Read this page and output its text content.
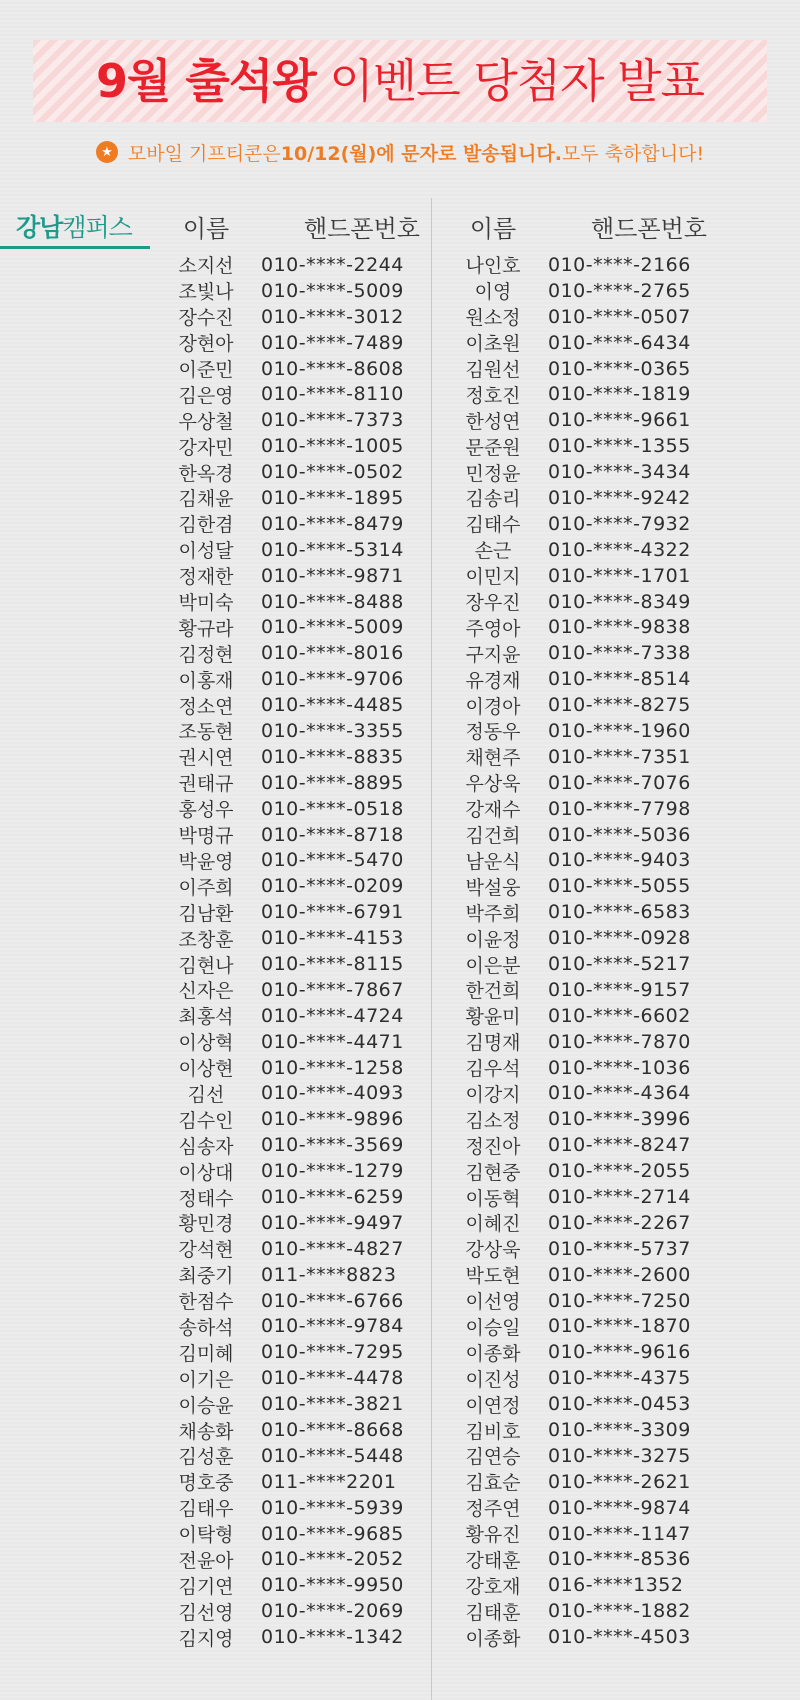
9월 출석왕 이벤트 당첨자 발표
★ 모바일 기프티콘은 10/12(월)에 문자로 발송됩니다. 모두 축하합니다!
강남캠퍼스	이름	핸드폰번호
소지선 010-****-2244
조빛나 010-****-5009
장수진 010-****-3012
장현아 010-****-7489
이준민 010-****-8608
김은영 010-****-8110
우상철 010-****-7373
강자민 010-****-1005
한옥경 010-****-0502
김채윤 010-****-1895
김한겸 010-****-8479
이성달 010-****-5314
정재한 010-****-9871
박미숙 010-****-8488
황규라 010-****-5009
김정현 010-****-8016
이홍재 010-****-9706
정소연 010-****-4485
조동현 010-****-3355
권시연 010-****-8835
권태규 010-****-8895
홍성우 010-****-0518
박명규 010-****-8718
박윤영 010-****-5470
이주희 010-****-0209
김남환 010-****-6791
조창훈 010-****-4153
김현나 010-****-8115
신자은 010-****-7867
최홍석 010-****-4724
이상혁 010-****-4471
이상현 010-****-1258
김선	010-****-4093
김수인 010-****-9896
심송자 010-****-3569
이상대 010-****-1279
정태수 010-****-6259
황민경 010-****-9497
강석현 010-****-4827
최중기 011-****8823
한점수 010-****-6766
송하석 010-****-9784
김미혜 010-****-7295
이기은 010-****-4478
이승윤 010-****-3821
채송화 010-****-8668
김성훈 010-****-5448
명호중 011-****2201
김태우 010-****-5939
이탁형 010-****-9685
전윤아 010-****-2052
김기연 010-****-9950
김선영 010-****-2069
김지영 010-****-1342
이름	핸드폰번호
나인호 010-****-2166
이영	010-****-2765
원소정 010-****-0507
이초원 010-****-6434
김원선 010-****-0365
정호진 010-****-1819
한성연 010-****-9661
문준원 010-****-1355
민정윤 010-****-3434
김송리 010-****-9242
김태수 010-****-7932
손근	010-****-4322
이민지 010-****-1701
장우진 010-****-8349
주영아 010-****-9838
구지윤 010-****-7338
유경재 010-****-8514
이경아 010-****-8275
정동우 010-****-1960
채현주 010-****-7351
우상욱 010-****-7076
강재수 010-****-7798
김건희 010-****-5036
남운식 010-****-9403
박설웅 010-****-5055
박주희 010-****-6583
이윤정 010-****-0928
이은분 010-****-5217
한건희 010-****-9157
황윤미 010-****-6602
김명재 010-****-7870
김우석 010-****-1036
이강지 010-****-4364
김소정 010-****-3996
정진아 010-****-8247
김현중 010-****-2055
이동혁 010-****-2714
이혜진 010-****-2267
강상욱 010-****-5737
박도현 010-****-2600
이선영 010-****-7250
이승일 010-****-1870
이종화 010-****-9616
이진성 010-****-4375
이연정 010-****-0453
김비호 010-****-3309
김연승 010-****-3275
김효순 010-****-2621
정주연 010-****-9874
황유진 010-****-1147
강태훈 010-****-8536
강호재 016-****1352
김태훈 010-****-1882
이종화 010-****-4503
